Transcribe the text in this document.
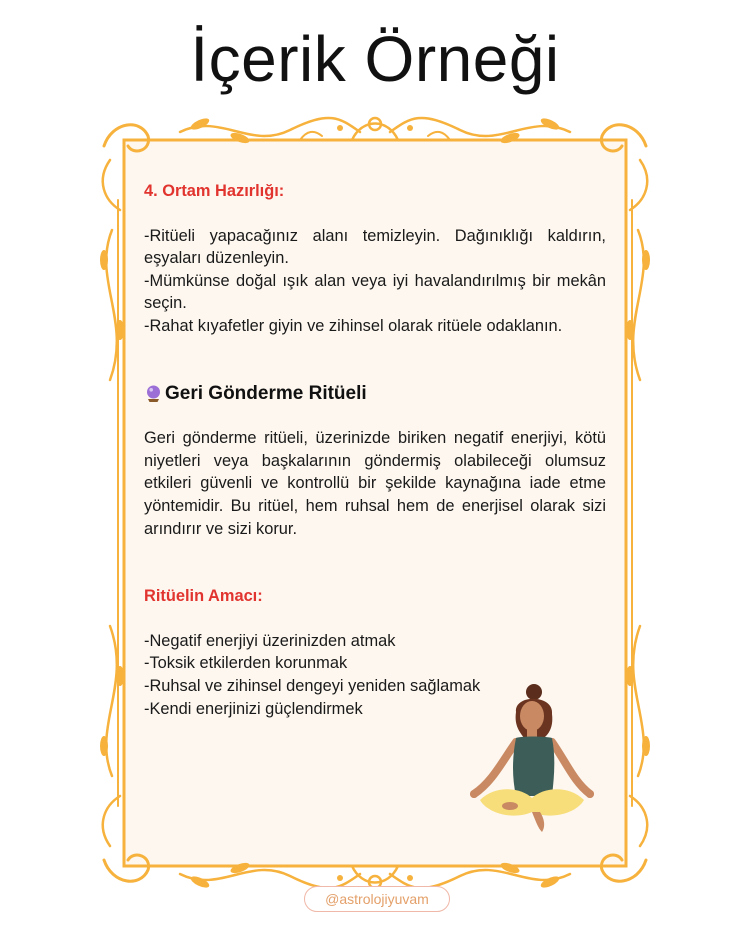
İçerik Örneği

4. Ortam Hazırlığı:

-Ritüeli yapacağınız alanı temizleyin. Dağınıklığı kaldırın, eşyaları düzenleyin.

-Mümkünse doğal ışık alan veya iyi havalandırılmış bir mekân seçin.

-Rahat kıyafetler giyin ve zihinsel olarak ritüele odaklanın.

Geri Gönderme Ritüeli

Geri gönderme ritüeli, üzerinizde biriken negatif enerjiyi, kötü niyetleri veya başkalarının göndermiş olabileceği olumsuz etkileri güvenli ve kontrollü bir şekilde kaynağına iade etme yöntemidir. Bu ritüel, hem ruhsal hem de enerjisel olarak sizi arındırır ve sizi korur.

Ritüelin Amacı:

-Negatif enerjiyi üzerinizden atmak

-Toksik etkilerden korunmak

-Ruhsal ve zihinsel dengeyi yeniden sağlamak

-Kendi enerjinizi güçlendirmek

@astrolojiyuvam
